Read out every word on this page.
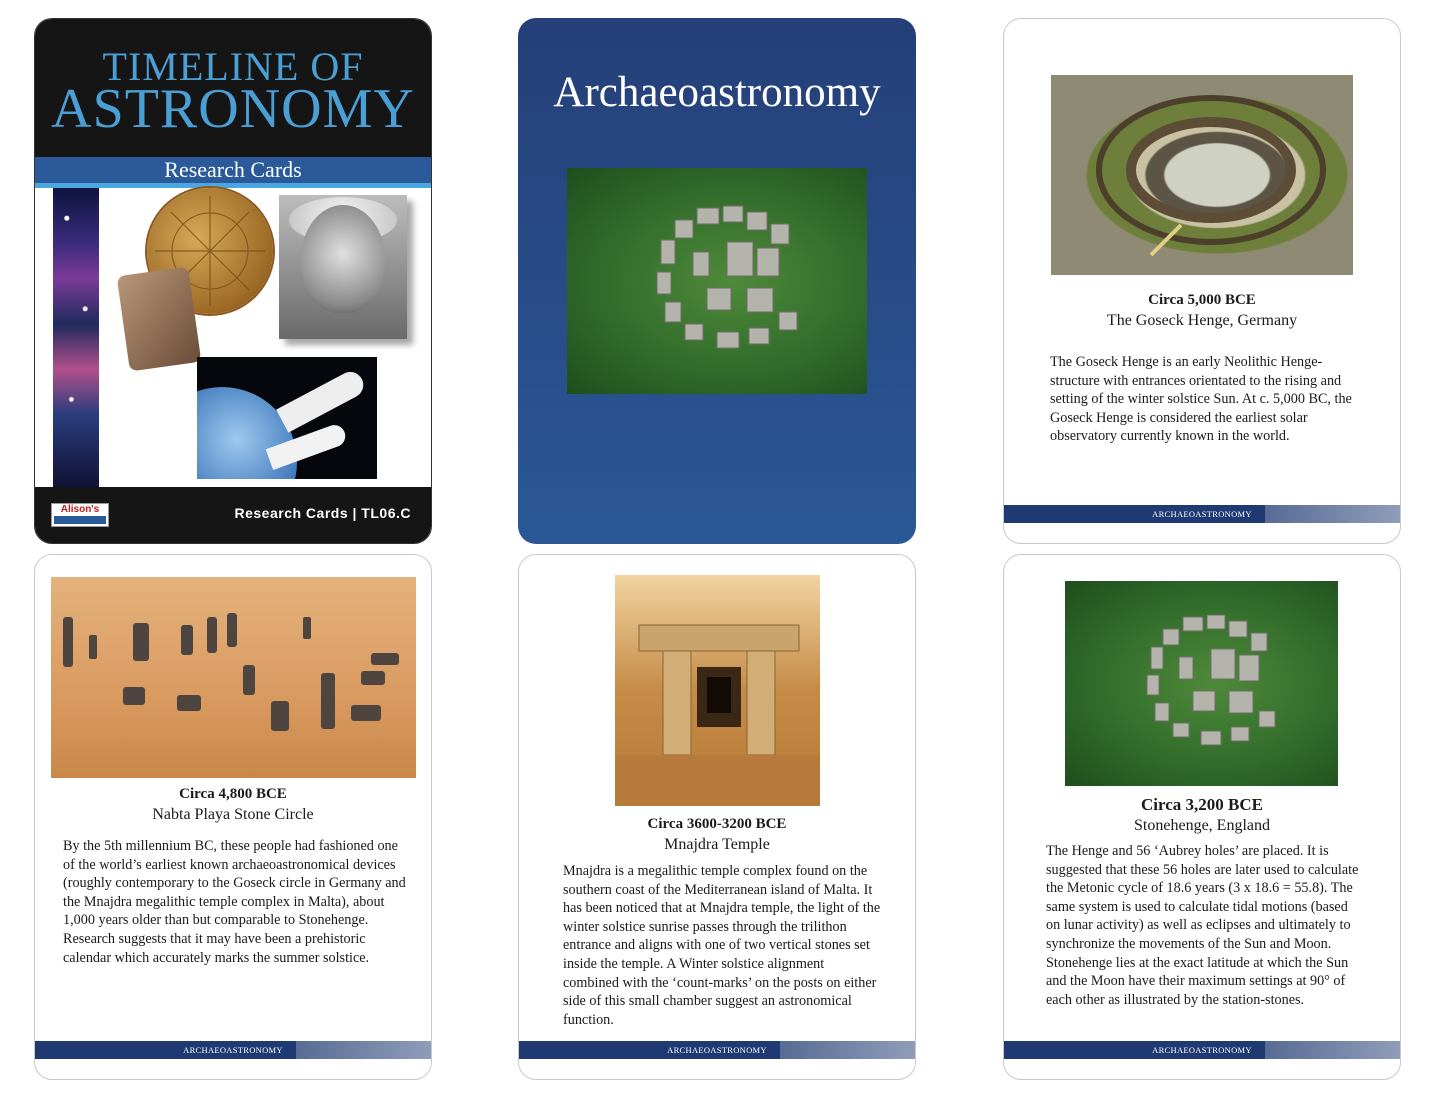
TIMELINE OF
ASTRONOMY
Research Cards
Alison's	Research Cards | TL06.C
Archaeoastronomy
Circa 5,000 BCE
The Goseck Henge, Germany
The Goseck Henge is an early Neolithic Henge-structure with entrances orientated to the rising and setting of the winter solstice Sun. At c. 5,000 BC, the Goseck Henge is considered the earliest solar observatory currently known in the world.
ARCHAEOASTRONOMY
Circa 4,800 BCE
Nabta Playa Stone Circle
By the 5th millennium BC, these people had fashioned one of the world’s earliest known archaeoastronomical devices (roughly contemporary to the Goseck circle in Germany and the Mnajdra megalithic temple complex in Malta), about 1,000 years older than but comparable to Stonehenge. Research suggests that it may have been a prehistoric calendar which accurately marks the summer solstice.
ARCHAEOASTRONOMY
Circa 3600-3200 BCE
Mnajdra Temple
Mnajdra is a megalithic temple complex found on the southern coast of the Mediterranean island of Malta. It has been noticed that at Mnajdra temple, the light of the winter solstice sunrise passes through the trilithon entrance and aligns with one of two vertical stones set inside the temple. A Winter solstice alignment combined with the ‘count-marks’ on the posts on either side of this small chamber suggest an astronomical function.
ARCHAEOASTRONOMY
Circa 3,200 BCE
Stonehenge, England
The Henge and 56 ‘Aubrey holes’ are placed. It is suggested that these 56 holes are later used to calculate the Metonic cycle of 18.6 years (3 x 18.6 = 55.8). The same system is used to calculate tidal motions (based on lunar activity) as well as eclipses and ultimately to synchronize the movements of the Sun and Moon. Stonehenge lies at the exact latitude at which the Sun and the Moon have their maximum settings at 90° of each other as illustrated by the station-stones.
ARCHAEOASTRONOMY
